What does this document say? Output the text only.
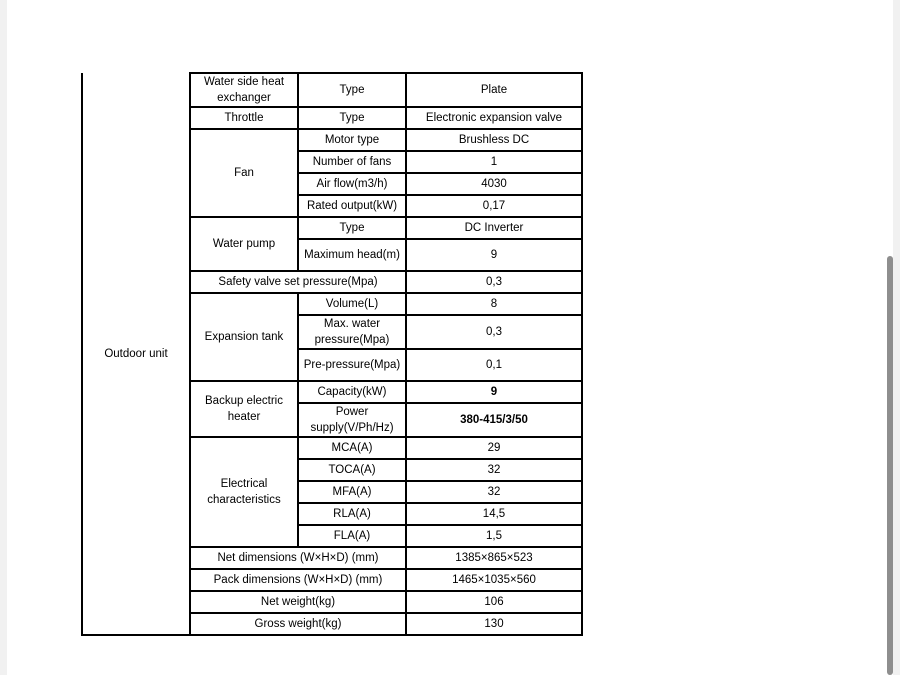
Outdoor unit	Water side heat exchanger	Type	Plate
	Throttle	Type	Electronic expansion valve
	Fan	Motor type	Brushless DC
		Number of fans	1
		Air flow(m3/h)	4030
		Rated output(kW)	0,17
	Water pump	Type	DC Inverter
		Maximum head(m)	9
	Safety valve set pressure(Mpa)		0,3
	Expansion tank	Volume(L)	8
		Max. water pressure(Mpa)	0,3
		Pre-pressure(Mpa)	0,1
	Backup electric heater	Capacity(kW)	9
		Power supply(V/Ph/Hz)	380-415/3/50
	Electrical characteristics	MCA(A)	29
		TOCA(A)	32
		MFA(A)	32
		RLA(A)	14,5
		FLA(A)	1,5
	Net dimensions (W×H×D) (mm)		1385×865×523
	Pack dimensions (W×H×D) (mm)		1465×1035×560
	Net weight(kg)		106
	Gross weight(kg)		130
